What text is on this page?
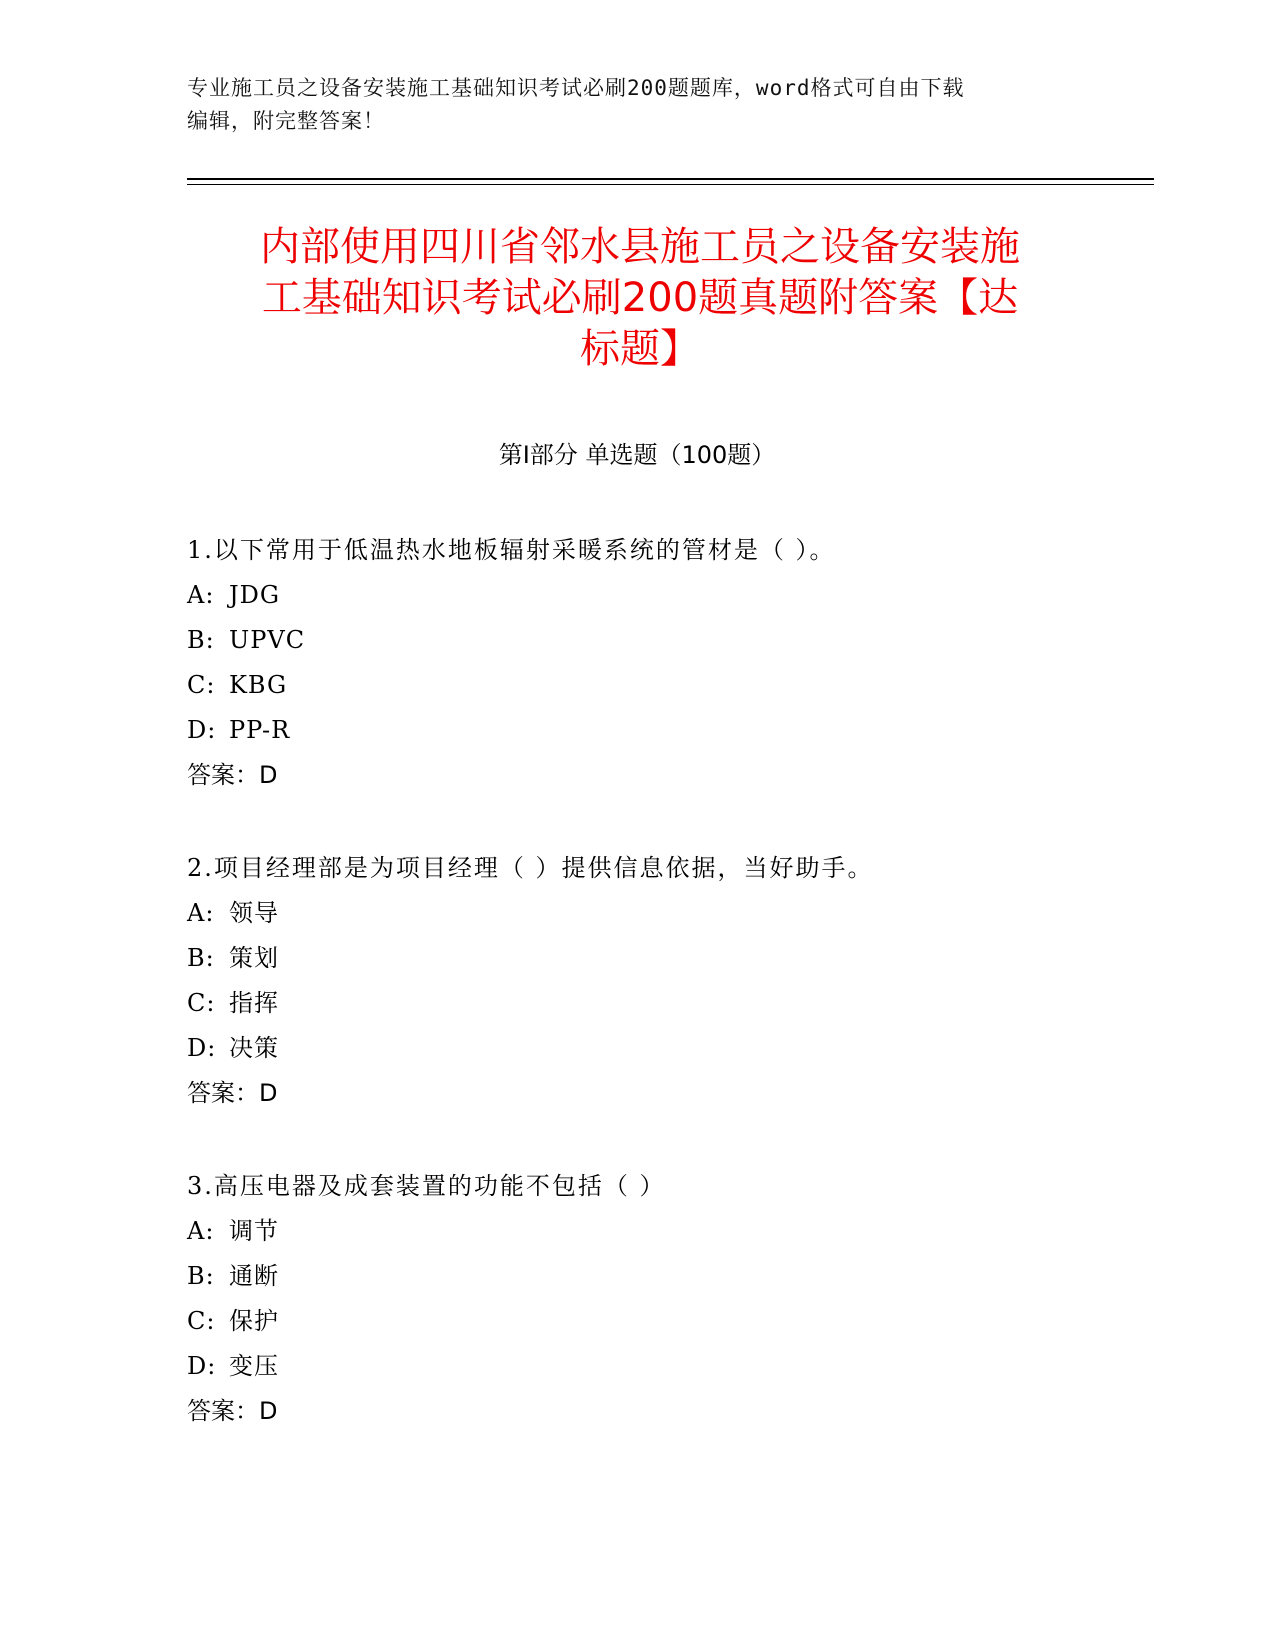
专业施工员之设备安装施工基础知识考试必刷200题题库，word格式可自由下载
编辑，附完整答案！
内部使用四川省邻水县施工员之设备安装施
工基础知识考试必刷200题真题附答案【达
标题】
第I部分 单选题（100题）
1.以下常用于低温热水地板辐射采暖系统的管材是（ ）。
A: JDG
B: UPVC
C: KBG
D: PP-R
答案：D
2.项目经理部是为项目经理（ ）提供信息依据，当好助手。
A: 领导
B: 策划
C: 指挥
D: 决策
答案：D
3.高压电器及成套装置的功能不包括（ ）
A: 调节
B: 通断
C: 保护
D: 变压
答案：D
